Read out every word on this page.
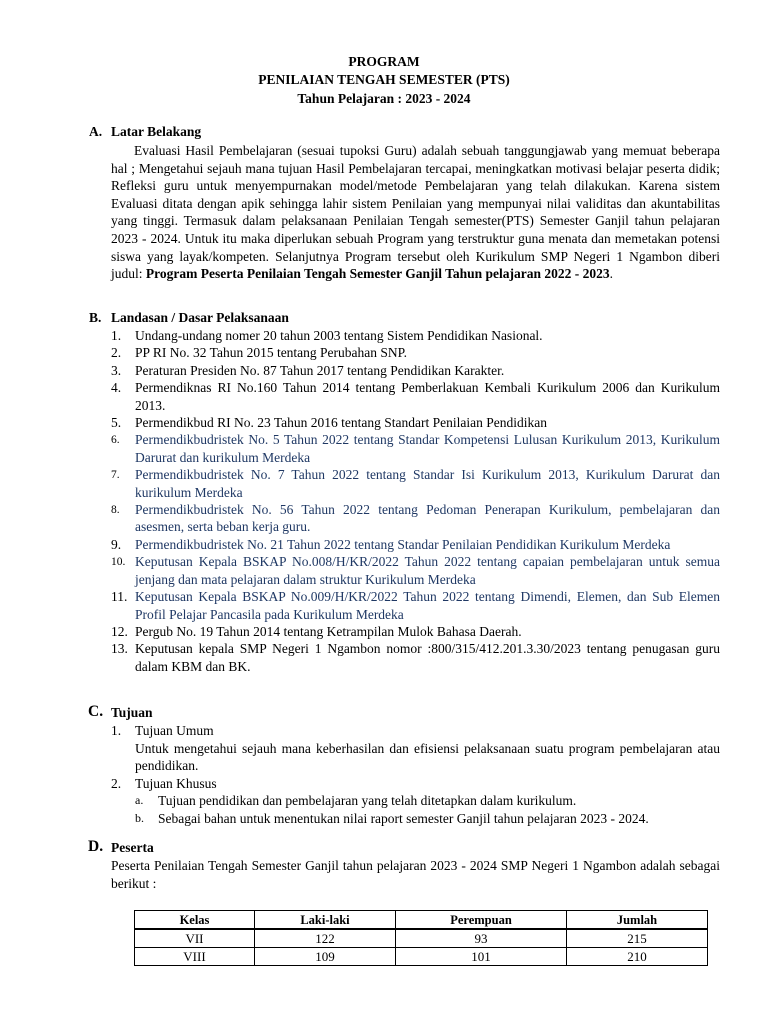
PROGRAM
PENILAIAN TENGAH SEMESTER (PTS)
Tahun Pelajaran : 2023 - 2024
A. Latar Belakang
Evaluasi Hasil Pembelajaran (sesuai tupoksi Guru) adalah sebuah tanggungjawab yang memuat beberapa hal ; Mengetahui sejauh mana tujuan Hasil Pembelajaran tercapai, meningkatkan motivasi belajar peserta didik; Refleksi guru untuk menyempurnakan model/metode Pembelajaran yang telah dilakukan. Karena sistem Evaluasi ditata dengan apik sehingga lahir sistem Penilaian yang mempunyai nilai validitas dan akuntabilitas yang tinggi. Termasuk dalam pelaksanaan Penilaian Tengah semester(PTS) Semester Ganjil tahun pelajaran 2023 - 2024. Untuk itu maka diperlukan sebuah Program yang terstruktur guna menata dan memetakan potensi siswa yang layak/kompeten. Selanjutnya Program tersebut oleh Kurikulum SMP Negeri 1 Ngambon diberi judul: Program Peserta Penilaian Tengah Semester Ganjil Tahun pelajaran 2022 - 2023.
B. Landasan / Dasar Pelaksanaan
1. Undang-undang nomer 20 tahun 2003 tentang Sistem Pendidikan Nasional.
2. PP RI No. 32 Tahun 2015 tentang Perubahan SNP.
3. Peraturan Presiden No. 87 Tahun 2017 tentang Pendidikan Karakter.
4. Permendiknas RI No.160 Tahun 2014 tentang Pemberlakuan Kembali Kurikulum 2006 dan Kurikulum 2013.
5. Permendikbud RI No. 23 Tahun 2016 tentang Standart Penilaian Pendidikan
6. Permendikbudristek No. 5 Tahun 2022 tentang Standar Kompetensi Lulusan Kurikulum 2013, Kurikulum Darurat dan kurikulum Merdeka
7. Permendikbudristek No. 7 Tahun 2022 tentang Standar Isi Kurikulum 2013, Kurikulum Darurat dan kurikulum Merdeka
8. Permendikbudristek No. 56 Tahun 2022 tentang Pedoman Penerapan Kurikulum, pembelajaran dan asesmen, serta beban kerja guru.
9. Permendikbudristek No. 21 Tahun 2022 tentang Standar Penilaian Pendidikan Kurikulum Merdeka
10. Keputusan Kepala BSKAP No.008/H/KR/2022 Tahun 2022 tentang capaian pembelajaran untuk semua jenjang dan mata pelajaran dalam struktur Kurikulum Merdeka
11. Keputusan Kepala BSKAP No.009/H/KR/2022 Tahun 2022 tentang Dimendi, Elemen, dan Sub Elemen Profil Pelajar Pancasila pada Kurikulum Merdeka
12. Pergub No. 19 Tahun 2014 tentang Ketrampilan Mulok Bahasa Daerah.
13. Keputusan kepala SMP Negeri 1 Ngambon nomor :800/315/412.201.3.30/2023 tentang penugasan guru dalam KBM dan BK.
C. Tujuan
1. Tujuan Umum
Untuk mengetahui sejauh mana keberhasilan dan efisiensi pelaksanaan suatu program pembelajaran atau pendidikan.
2. Tujuan Khusus
a. Tujuan pendidikan dan pembelajaran yang telah ditetapkan dalam kurikulum.
b. Sebagai bahan untuk menentukan nilai raport semester Ganjil tahun pelajaran 2023 - 2024.
D. Peserta
Peserta Penilaian Tengah Semester Ganjil tahun pelajaran 2023 - 2024 SMP Negeri 1 Ngambon adalah sebagai berikut :
Kelas	Laki-laki	Perempuan	Jumlah
VII	122	93	215
VIII	109	101	210
